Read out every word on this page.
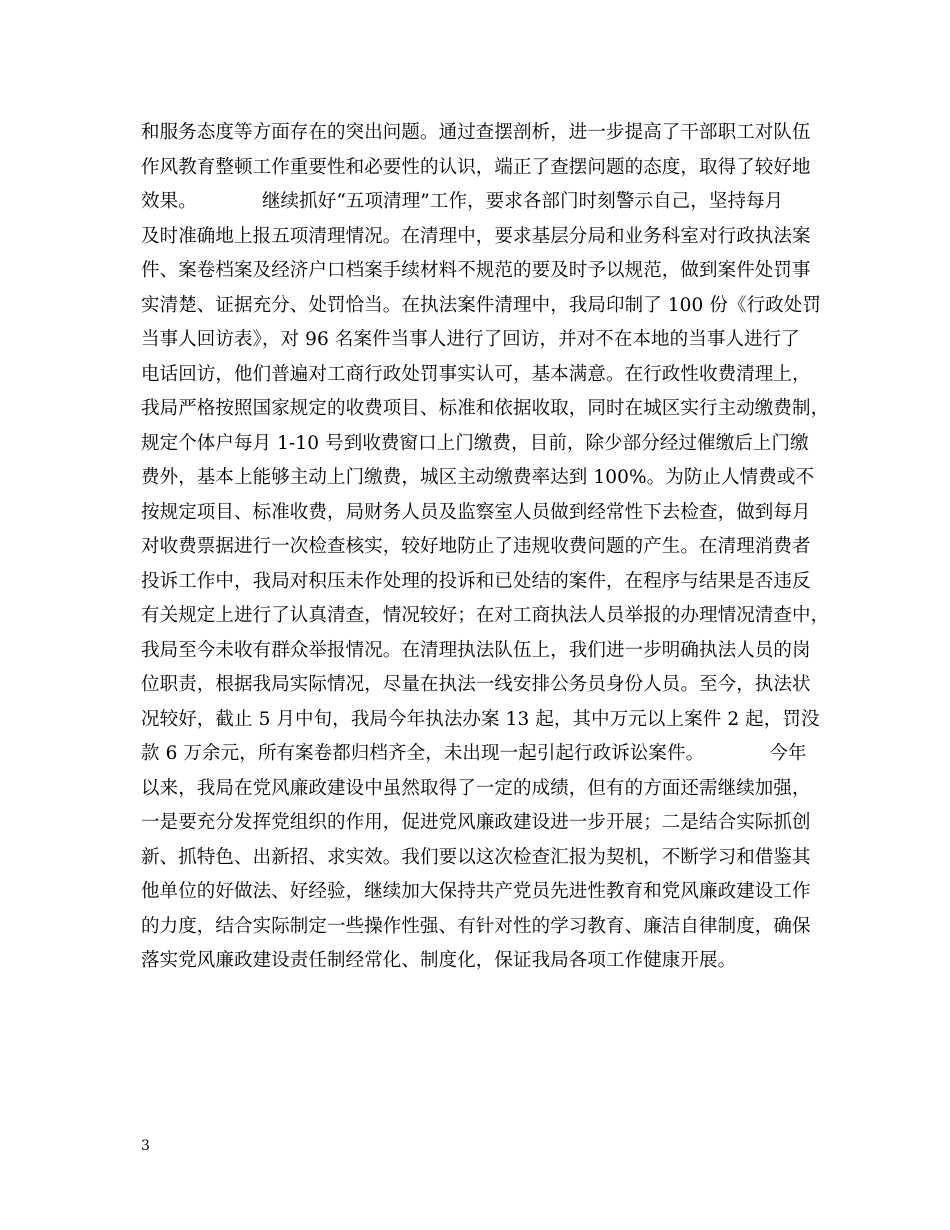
和服务态度等方面存在的突出问题。通过查摆剖析，进一步提高了干部职工对队伍
作风教育整顿工作重要性和必要性的认识，端正了查摆问题的态度，取得了较好地
效果。　　　　继续抓好“五项清理”工作，要求各部门时刻警示自己，坚持每月
及时准确地上报五项清理情况。在清理中，要求基层分局和业务科室对行政执法案
件、案卷档案及经济户口档案手续材料不规范的要及时予以规范，做到案件处罚事
实清楚、证据充分、处罚恰当。在执法案件清理中，我局印制了 100 份《行政处罚
当事人回访表》，对 96 名案件当事人进行了回访，并对不在本地的当事人进行了
电话回访，他们普遍对工商行政处罚事实认可，基本满意。在行政性收费清理上，
我局严格按照国家规定的收费项目、标准和依据收取，同时在城区实行主动缴费制，
规定个体户每月 1-10 号到收费窗口上门缴费，目前，除少部分经过催缴后上门缴
费外，基本上能够主动上门缴费，城区主动缴费率达到 100%。为防止人情费或不
按规定项目、标准收费，局财务人员及监察室人员做到经常性下去检查，做到每月
对收费票据进行一次检查核实，较好地防止了违规收费问题的产生。在清理消费者
投诉工作中，我局对积压未作处理的投诉和已处结的案件，在程序与结果是否违反
有关规定上进行了认真清查，情况较好；在对工商执法人员举报的办理情况清查中，
我局至今未收有群众举报情况。在清理执法队伍上，我们进一步明确执法人员的岗
位职责，根据我局实际情况，尽量在执法一线安排公务员身份人员。至今，执法状
况较好，截止 5 月中旬，我局今年执法办案 13 起，其中万元以上案件 2 起，罚没
款 6 万余元，所有案卷都归档齐全，未出现一起引起行政诉讼案件。　　　　今年
以来，我局在党风廉政建设中虽然取得了一定的成绩，但有的方面还需继续加强，
一是要充分发挥党组织的作用，促进党风廉政建设进一步开展；二是结合实际抓创
新、抓特色、出新招、求实效。我们要以这次检查汇报为契机，不断学习和借鉴其
他单位的好做法、好经验，继续加大保持共产党员先进性教育和党风廉政建设工作
的力度，结合实际制定一些操作性强、有针对性的学习教育、廉洁自律制度，确保
落实党风廉政建设责任制经常化、制度化，保证我局各项工作健康开展。
3
